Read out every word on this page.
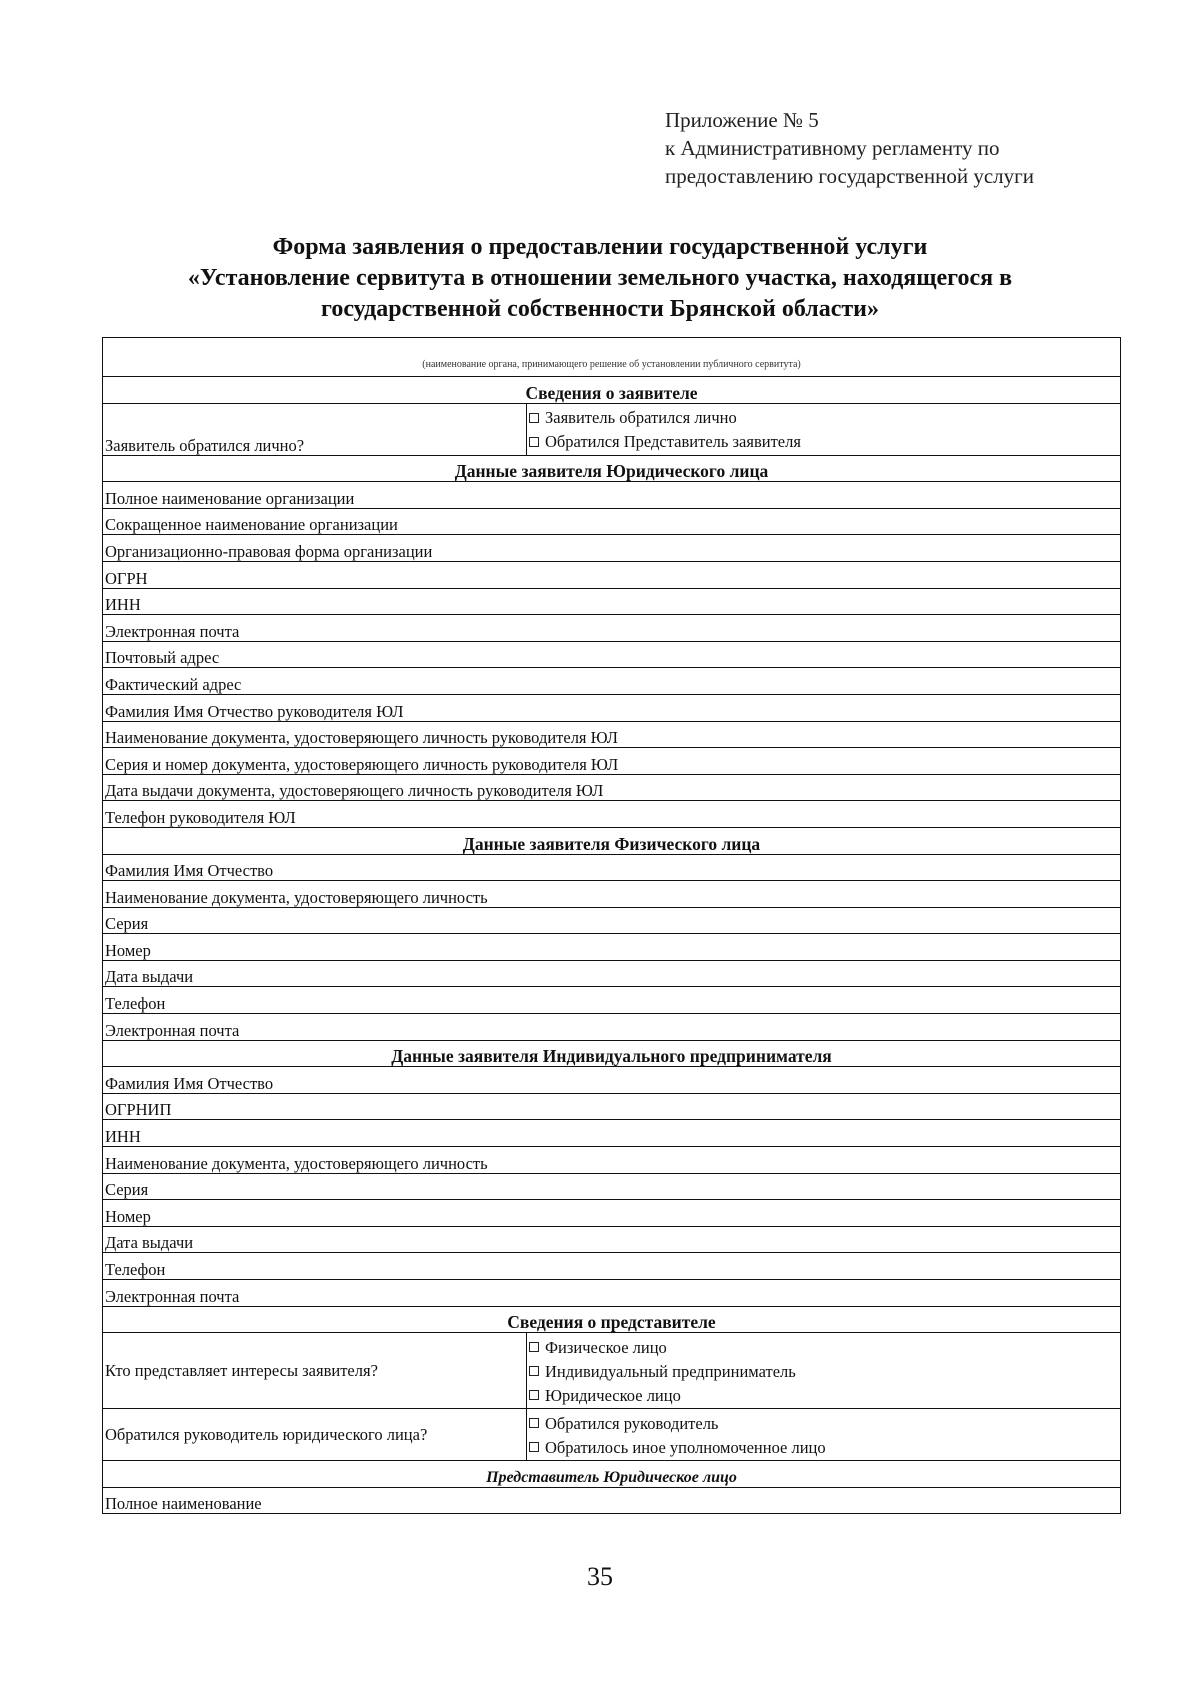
Приложение № 5
к Административному регламенту по
предоставлению государственной услуги
Форма заявления о предоставлении государственной услуги
«Установление сервитута в отношении земельного участка, находящегося в
государственной собственности Брянской области»
(наименование органа, принимающего решение об установлении публичного сервитута)	
Сведения о заявителе	
Заявитель обратился лично?	Заявитель обратился лично
Обратился Представитель заявителя

Данные заявителя Юридического лица	
Полное наименование организации	
Сокращенное наименование организации	
Организационно-правовая форма организации	
ОГРН	
ИНН	
Электронная почта	
Почтовый адрес	
Фактический адрес	
Фамилия Имя Отчество руководителя ЮЛ	
Наименование документа, удостоверяющего личность руководителя ЮЛ	
Серия и номер документа, удостоверяющего личность руководителя ЮЛ	
Дата выдачи документа, удостоверяющего личность руководителя ЮЛ	
Телефон руководителя ЮЛ	
Данные заявителя Физического лица	
Фамилия Имя Отчество	
Наименование документа, удостоверяющего личность	
Серия	
Номер	
Дата выдачи	
Телефон	
Электронная почта	
Данные заявителя Индивидуального предпринимателя	
Фамилия Имя Отчество	
ОГРНИП	
ИНН	
Наименование документа, удостоверяющего личность	
Серия	
Номер	
Дата выдачи	
Телефон	
Электронная почта	
Сведения о представителе	
Кто представляет интересы заявителя?	Физическое лицо
Индивидуальный предприниматель
Юридическое лицо

Обратился руководитель юридического лица?	Обратился руководитель
Обратилось иное уполномоченное лицо

Представитель Юридическое лицо	
Полное наименование	
35
